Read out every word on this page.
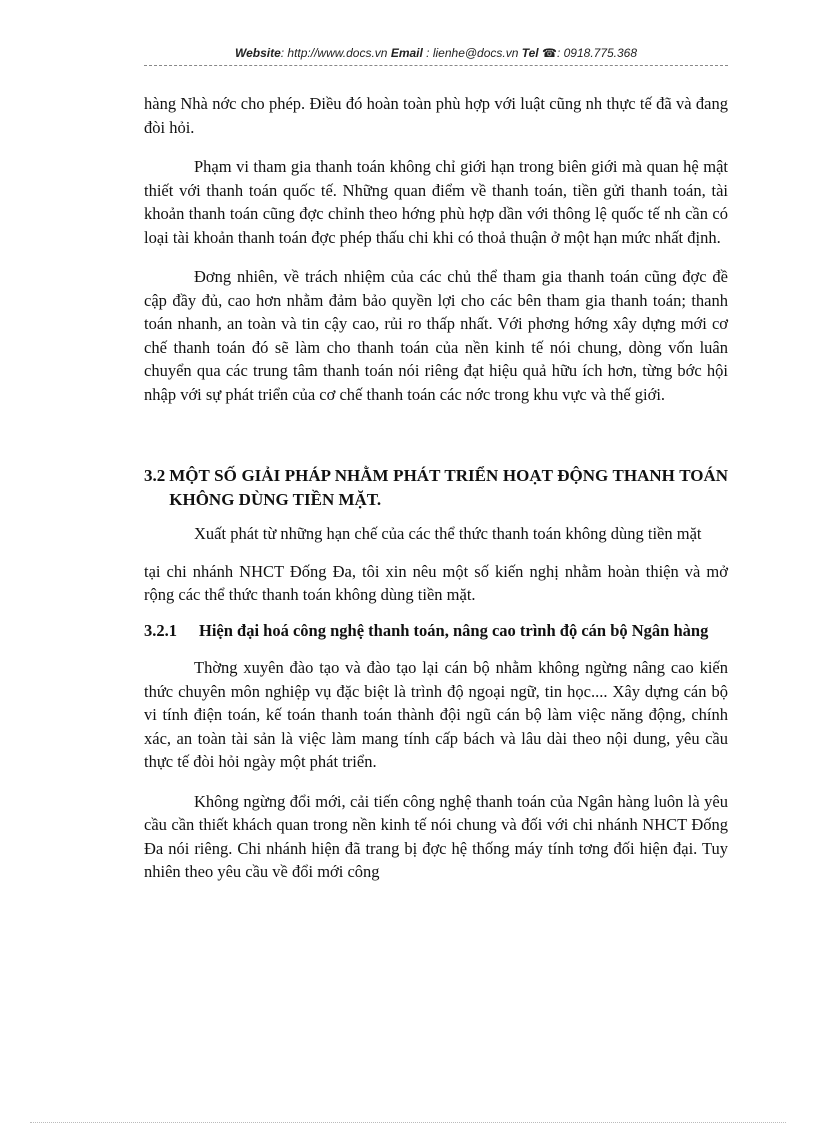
Website: http://www.docs.vn Email : lienhe@docs.vn Tel ☎: 0918.775.368

hàng Nhà nớc cho phép. Điều đó hoàn toàn phù hợp với luật cũng nh thực tế đã và đang đòi hỏi.

Phạm vi tham gia thanh toán không chỉ giới hạn trong biên giới mà quan hệ mật thiết với thanh toán quốc tế. Những quan điểm về thanh toán, tiền gửi thanh toán, tài khoản thanh toán cũng đợc chỉnh theo hớng phù hợp dần với thông lệ quốc tế nh cần có loại tài khoản thanh toán đợc phép thấu chi khi có thoả thuận ở một hạn mức nhất định.

Đơng nhiên, về trách nhiệm của các chủ thể tham gia thanh toán cũng đợc đề cập đầy đủ, cao hơn nhằm đảm bảo quyền lợi cho các bên tham gia thanh toán; thanh toán nhanh, an toàn và tin cậy cao, rủi ro thấp nhất. Với phơng hớng xây dựng mới cơ chế thanh toán đó sẽ làm cho thanh toán của nền kinh tế nói chung, dòng vốn luân chuyển qua các trung tâm thanh toán nói riêng đạt hiệu quả hữu ích hơn, từng bớc hội nhập với sự phát triển của cơ chế thanh toán các nớc trong khu vực và thế giới.

3.2 MỘT SỐ GIẢI PHÁP NHẰM PHÁT TRIỂN HOẠT ĐỘNG THANH TOÁN KHÔNG DÙNG TIỀN MẶT.

Xuất phát từ những hạn chế của các thể thức thanh toán không dùng tiền mặt

tại chi nhánh NHCT Đống Đa, tôi xin nêu một số kiến nghị nhằm hoàn thiện và mở rộng các thể thức thanh toán không dùng tiền mặt.

3.2.1 Hiện đại hoá công nghệ thanh toán, nâng cao trình độ cán bộ Ngân hàng

Thờng xuyên đào tạo và đào tạo lại cán bộ nhằm không ngừng nâng cao kiến thức chuyên môn nghiệp vụ đặc biệt là trình độ ngoại ngữ, tin học.... Xây dựng cán bộ vi tính điện toán, kế toán thanh toán thành đội ngũ cán bộ làm việc năng động, chính xác, an toàn tài sản là việc làm mang tính cấp bách và lâu dài theo nội dung, yêu cầu thực tế đòi hỏi ngày một phát triển.

Không ngừng đổi mới, cải tiến công nghệ thanh toán của Ngân hàng luôn là yêu cầu cần thiết khách quan trong nền kinh tế nói chung và đối với chi nhánh NHCT Đống Đa nói riêng. Chi nhánh hiện đã trang bị đợc hệ thống máy tính tơng đối hiện đại. Tuy nhiên theo yêu cầu về đổi mới công
